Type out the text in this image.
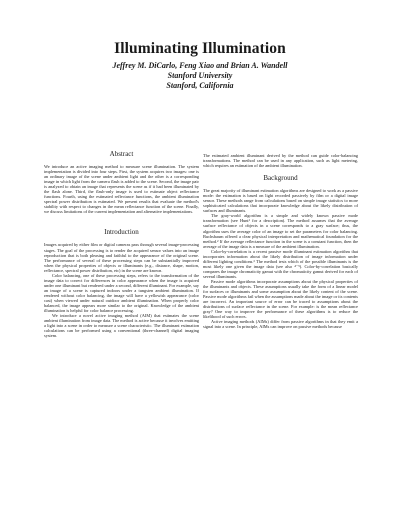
Illuminating Illumination
Jeffrey M. DiCarlo, Feng Xiao and Brian A. Wandell
Stanford University
Stanford, California
Abstract

We introduce an active imaging method to measure scene illumination. The system implementation is divided into four steps. First, the system acquires two images: one is an ordinary image of the scene under ambient light and the other is a corresponding image in which light from the camera flash is added to the scene. Second, the image pair is analyzed to obtain an image that represents the scene as if it had been illuminated by the flash alone. Third, the flash-only image is used to estimate object reflectance functions. Fourth, using the estimated reflectance functions, the ambient illumination spectral power distribution is estimated. We present results that evaluate the method's stability with respect to changes in the mean reflectance function of the scene. Finally, we discuss limitations of the current implementation and alternative implementations.

Introduction

Images acquired by either film or digital cameras pass through several image-processing stages. The goal of the processing is to render the acquired sensor values into an image reproduction that is both pleasing and faithful to the appearance of the original scene. The performance of several of these processing steps can be substantially improved when the physical properties of objects or illuminants (e.g., distance, shape, motion, reflectance, spectral power distribution, etc) in the scene are known.

Color balancing, one of these processing steps, refers to the transformation of the image data to correct for differences in color appearance when the image is acquired under one illuminant but rendered under a second, different illuminant. For example, say an image of a scene is captured indoors under a tungsten ambient illumination. If rendered without color balancing, the image will have a yellowish appearance (color cast) when viewed under natural outdoor ambient illumination. When properly color balanced, the image appears more similar to the original. Knowledge of the ambient illumination is helpful for color balance processing.

We introduce a novel active imaging method (AIM) that estimates the scene ambient illumination from image data. The method is active because it involves emitting a light into a scene in order to measure a scene characteristic. The illuminant estimation calculations can be performed using a conventional (three-channel) digital imaging system.

The estimated ambient illuminant derived by the method can guide color-balancing transformations. The method can be used in any application, such as light metering, which requires an estimation of the ambient illumination.

Background

The great majority of illuminant estimation algorithms are designed to work as a passive mode: the estimation is based on light recorded passively by film or a digital image sensor. These methods range from calculations based on simple image statistics to more sophisticated calculations that incorporate knowledge about the likely distribution of surfaces and illuminants.

The gray-world algorithm is a simple and widely known passive mode transformation (see Hunt¹ for a description). The method assumes that the average surface reflectance of objects in a scene corresponds to a gray surface; thus, the algorithm uses the average color of an image to set the parameters for color balancing. Buchsbaum offered a clear physical interpretation and mathematical foundation for the method.² If the average reflectance function in the scene is a constant function, then the average of the image data is a measure of the ambient illumination.

Color-by-correlation is a recent passive mode illuminant estimation algorithm that incorporates information about the likely distribution of image information under different lighting conditions.³ The method tests which of the possible illuminants is the most likely one given the image data (see also ⁴⁻⁵). Color-by-correlation basically compares the image chromaticity gamut with the chromaticity gamut derived for each of several illuminants.

Passive mode algorithms incorporate assumptions about the physical properties of the illuminants and objects. These assumptions usually take the form of a linear model for surfaces or illuminants and some assumption about the likely content of the scene. Passive mode algorithms fail when the assumptions made about the image or its contents are incorrect. An important source of error can be traced to assumptions about the distributions of surface reflectance in the scene. For example: is the mean reflectance gray? One way to improve the performance of these algorithms is to reduce the likelihood of such errors.

Active imaging methods (AIMs) differ from passive algorithms in that they emit a signal into a scene. In principle, AIMs can improve on passive methods because
